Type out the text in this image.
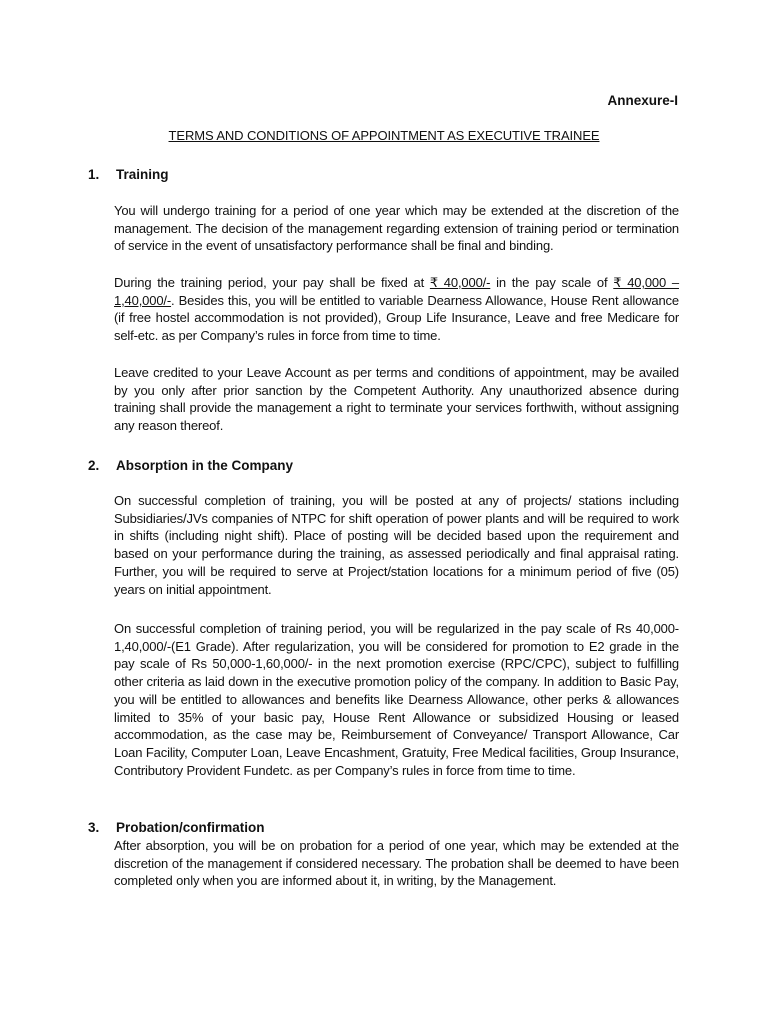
Annexure-I
TERMS AND CONDITIONS OF APPOINTMENT AS EXECUTIVE TRAINEE
1. Training
You will undergo training for a period of one year which may be extended at the discretion of the management. The decision of the management regarding extension of training period or termination of service in the event of unsatisfactory performance shall be final and binding.
During the training period, your pay shall be fixed at ₹ 40,000/- in the pay scale of ₹ 40,000 – 1,40,000/-. Besides this, you will be entitled to variable Dearness Allowance, House Rent allowance (if free hostel accommodation is not provided), Group Life Insurance, Leave and free Medicare for self-etc. as per Company’s rules in force from time to time.
Leave credited to your Leave Account as per terms and conditions of appointment, may be availed by you only after prior sanction by the Competent Authority. Any unauthorized absence during training shall provide the management a right to terminate your services forthwith, without assigning any reason thereof.
2. Absorption in the Company
On successful completion of training, you will be posted at any of projects/ stations including Subsidiaries/JVs companies of NTPC for shift operation of power plants and will be required to work in shifts (including night shift). Place of posting will be decided based upon the requirement and based on your performance during the training, as assessed periodically and final appraisal rating. Further, you will be required to serve at Project/station locations for a minimum period of five (05) years on initial appointment.
On successful completion of training period, you will be regularized in the pay scale of Rs 40,000-1,40,000/-(E1 Grade). After regularization, you will be considered for promotion to E2 grade in the pay scale of Rs 50,000-1,60,000/- in the next promotion exercise (RPC/CPC), subject to fulfilling other criteria as laid down in the executive promotion policy of the company. In addition to Basic Pay, you will be entitled to allowances and benefits like Dearness Allowance, other perks & allowances limited to 35% of your basic pay, House Rent Allowance or subsidized Housing or leased accommodation, as the case may be, Reimbursement of Conveyance/ Transport Allowance, Car Loan Facility, Computer Loan, Leave Encashment, Gratuity, Free Medical facilities, Group Insurance, Contributory Provident Fundetc. as per Company’s rules in force from time to time.
3. Probation/confirmation
After absorption, you will be on probation for a period of one year, which may be extended at the discretion of the management if considered necessary. The probation shall be deemed to have been completed only when you are informed about it, in writing, by the Management.
